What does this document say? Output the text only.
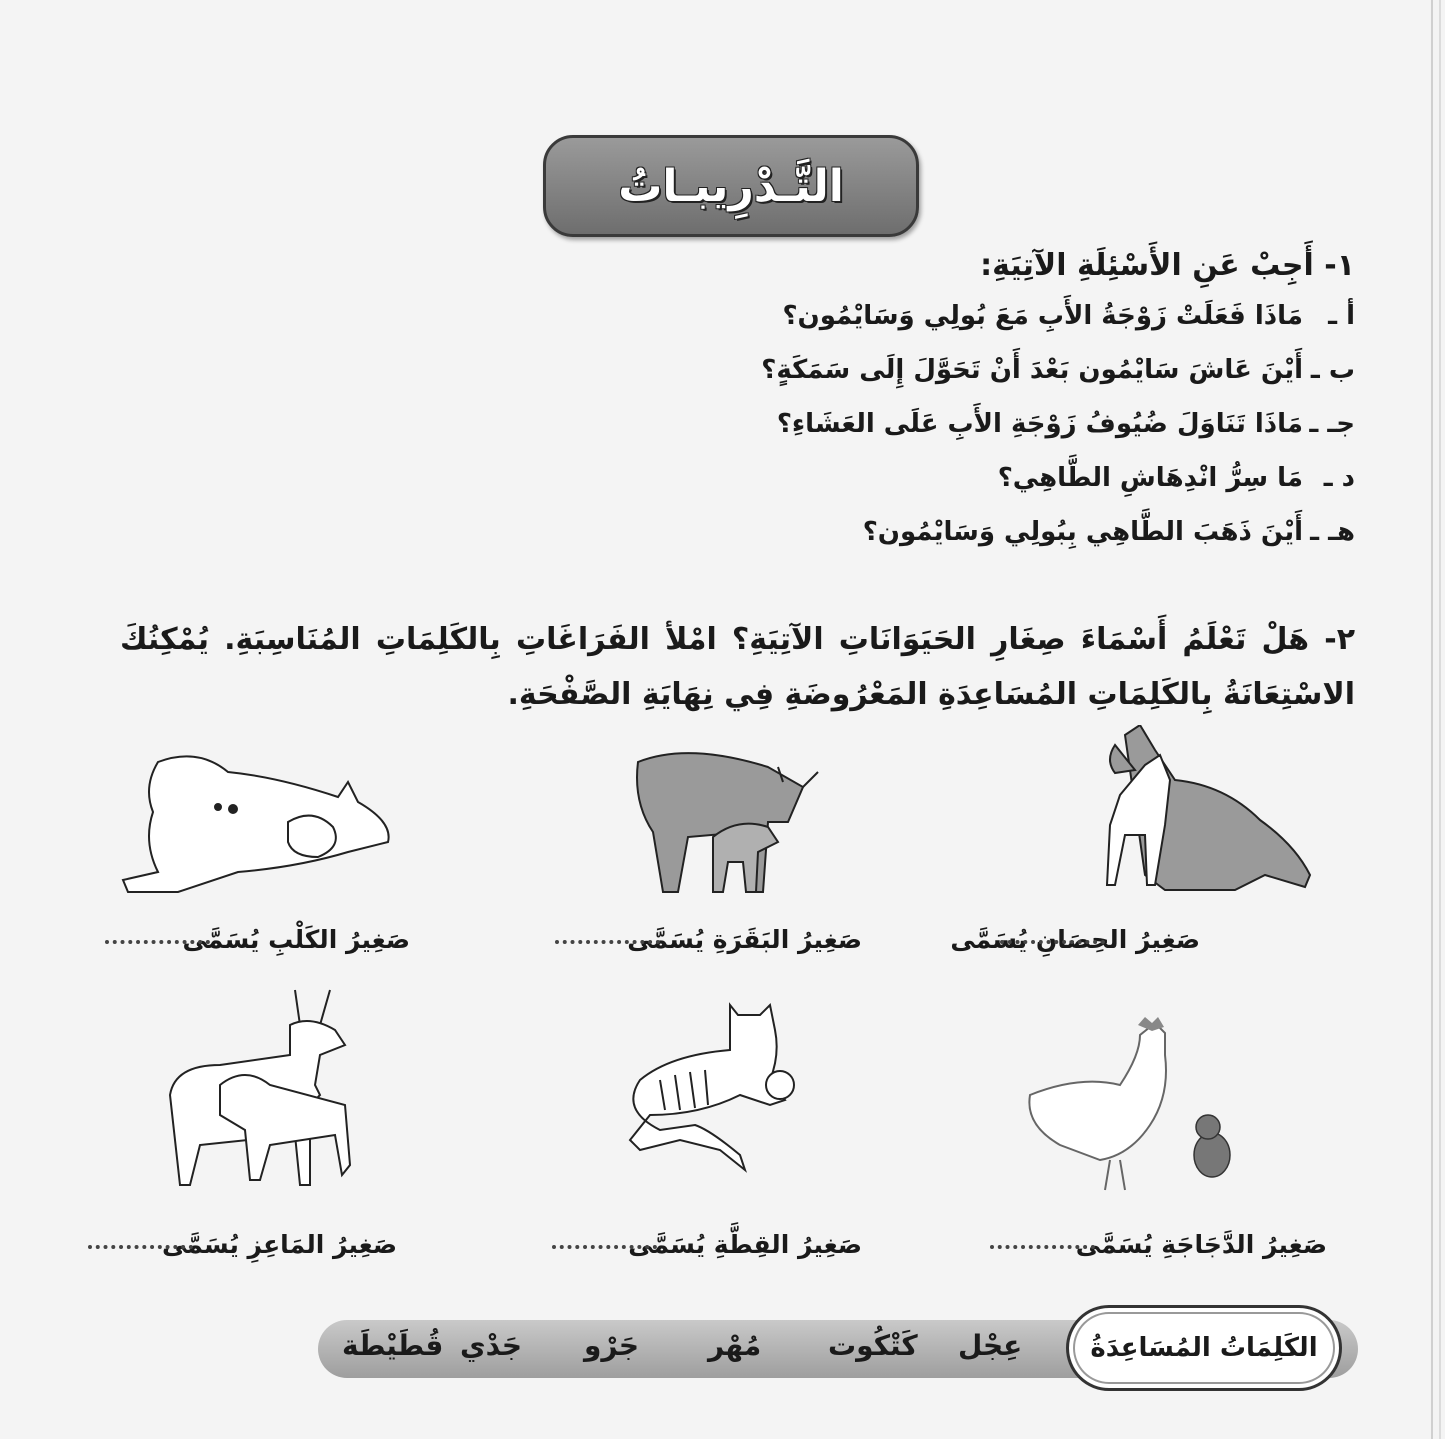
التَّـدْرِيبـاتُ
١- أَجِبْ عَنِ الأَسْئِلَةِ الآتِيَةِ:
أ ـ
مَاذَا فَعَلَتْ زَوْجَةُ الأَبِ مَعَ بُولِي وَسَايْمُون؟
ب ـ
أَيْنَ عَاشَ سَايْمُون بَعْدَ أَنْ تَحَوَّلَ إِلَى سَمَكَةٍ؟
جـ ـ
مَاذَا تَنَاوَلَ ضُيُوفُ زَوْجَةِ الأَبِ عَلَى العَشَاءِ؟
د ـ
مَا سِرُّ انْدِهَاشِ الطَّاهِي؟
هـ ـ
أَيْنَ ذَهَبَ الطَّاهِي بِبُولِي وَسَايْمُون؟
٢- هَلْ تَعْلَمُ أَسْمَاءَ صِغَارِ الحَيَوَانَاتِ الآتِيَةِ؟ امْلأ الفَرَاغَاتِ بِالكَلِمَاتِ المُنَاسِبَةِ. يُمْكِنُكَ الاسْتِعَانَةُ بِالكَلِمَاتِ المُسَاعِدَةِ المَعْرُوضَةِ فِي نِهَايَةِ الصَّفْحَةِ.
صَغِيرُ الحِصَانِ يُسَمَّى
صَغِيرُ البَقَرَةِ يُسَمَّى
صَغِيرُ الكَلْبِ يُسَمَّى
صَغِيرُ الدَّجَاجَةِ يُسَمَّى
صَغِيرُ القِطَّةِ يُسَمَّى
صَغِيرُ المَاعِزِ يُسَمَّى
الكَلِمَاتُ المُسَاعِدَةُ
عِجْل
كَتْكُوت
مُهْر
جَرْو
جَدْي
قُطَيْطَة
